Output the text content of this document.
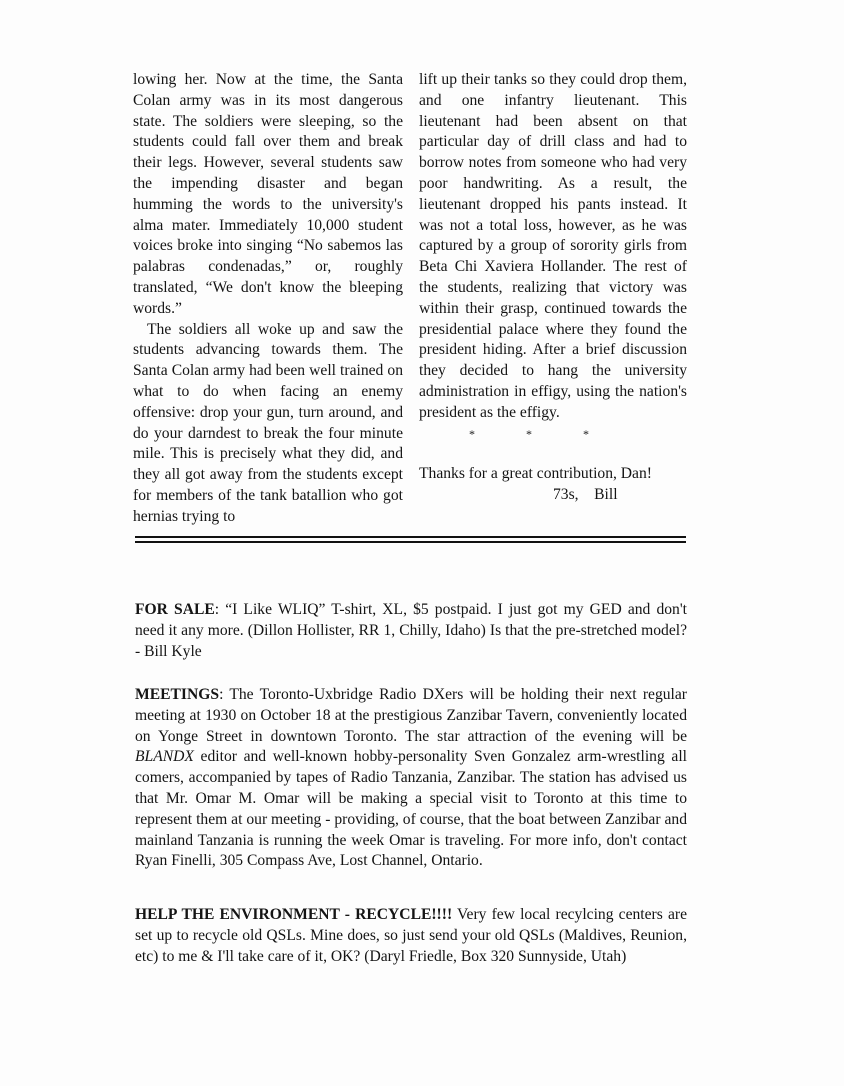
lowing her. Now at the time, the Santa Colan army was in its most dangerous state. The soldiers were sleeping, so the students could fall over them and break their legs. However, several students saw the impending disaster and began humming the words to the university's alma mater. Immediately 10,000 student voices broke into singing “No sabemos las palabras condenadas,” or, roughly translated, “We don't know the bleeping words.”

The soldiers all woke up and saw the students advancing towards them. The Santa Colan army had been well trained on what to do when facing an enemy offensive: drop your gun, turn around, and do your darndest to break the four minute mile. This is precisely what they did, and they all got away from the students except for members of the tank batallion who got hernias trying to

lift up their tanks so they could drop them, and one infantry lieutenant. This lieutenant had been absent on that particular day of drill class and had to borrow notes from someone who had very poor handwriting. As a result, the lieutenant dropped his pants instead. It was not a total loss, however, as he was captured by a group of sorority girls from Beta Chi Xaviera Hollander. The rest of the students, realizing that victory was within their grasp, continued towards the presidential palace where they found the president hiding. After a brief discussion they decided to hang the university administration in effigy, using the nation's president as the effigy.

*	*	*

Thanks for a great contribution, Dan!

73s, Bill

FOR SALE: “I Like WLIQ” T-shirt, XL, $5 postpaid. I just got my GED and don't need it any more. (Dillon Hollister, RR 1, Chilly, Idaho) Is that the pre-stretched model? - Bill Kyle

MEETINGS: The Toronto-Uxbridge Radio DXers will be holding their next regular meeting at 1930 on October 18 at the prestigious Zanzibar Tavern, conveniently located on Yonge Street in downtown Toronto. The star attraction of the evening will be BLANDX editor and well-known hobby-personality Sven Gonzalez arm-wrestling all comers, accompanied by tapes of Radio Tanzania, Zanzibar. The station has advised us that Mr. Omar M. Omar will be making a special visit to Toronto at this time to represent them at our meeting - providing, of course, that the boat between Zanzibar and mainland Tanzania is running the week Omar is traveling. For more info, don't contact Ryan Finelli, 305 Compass Ave, Lost Channel, Ontario.

HELP THE ENVIRONMENT - RECYCLE!!!! Very few local recylcing centers are set up to recycle old QSLs. Mine does, so just send your old QSLs (Maldives, Reunion, etc) to me & I'll take care of it, OK? (Daryl Friedle, Box 320 Sunnyside, Utah)
